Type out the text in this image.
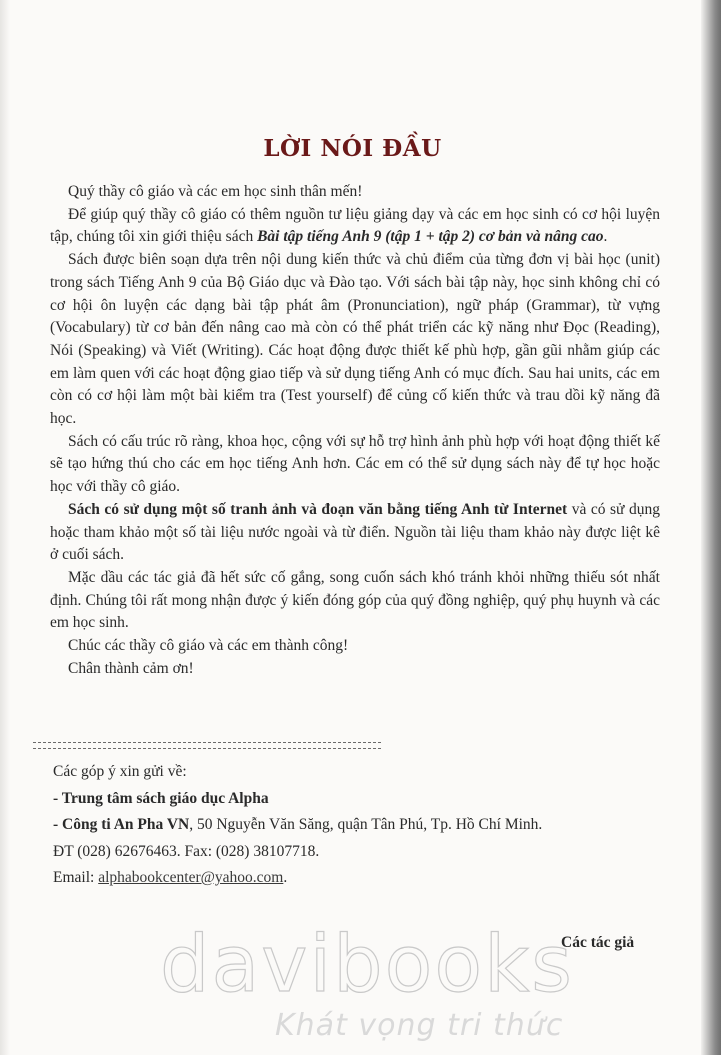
LỜI NÓI ĐẦU

Quý thầy cô giáo và các em học sinh thân mến!

Để giúp quý thầy cô giáo có thêm nguồn tư liệu giảng dạy và các em học sinh có cơ hội luyện tập, chúng tôi xin giới thiệu sách Bài tập tiếng Anh 9 (tập 1 + tập 2) cơ bản và nâng cao.

Sách được biên soạn dựa trên nội dung kiến thức và chủ điểm của từng đơn vị bài học (unit) trong sách Tiếng Anh 9 của Bộ Giáo dục và Đào tạo. Với sách bài tập này, học sinh không chỉ có cơ hội ôn luyện các dạng bài tập phát âm (Pronunciation), ngữ pháp (Grammar), từ vựng (Vocabulary) từ cơ bản đến nâng cao mà còn có thể phát triển các kỹ năng như Đọc (Reading), Nói (Speaking) và Viết (Writing). Các hoạt động được thiết kế phù hợp, gần gũi nhằm giúp các em làm quen với các hoạt động giao tiếp và sử dụng tiếng Anh có mục đích. Sau hai units, các em còn có cơ hội làm một bài kiểm tra (Test yourself) để củng cố kiến thức và trau dồi kỹ năng đã học.

Sách có cấu trúc rõ ràng, khoa học, cộng với sự hỗ trợ hình ảnh phù hợp với hoạt động thiết kế sẽ tạo hứng thú cho các em học tiếng Anh hơn. Các em có thể sử dụng sách này để tự học hoặc học với thầy cô giáo.

Sách có sử dụng một số tranh ảnh và đoạn văn bằng tiếng Anh từ Internet và có sử dụng hoặc tham khảo một số tài liệu nước ngoài và từ điển. Nguồn tài liệu tham khảo này được liệt kê ở cuối sách.

Mặc dầu các tác giả đã hết sức cố gắng, song cuốn sách khó tránh khỏi những thiếu sót nhất định. Chúng tôi rất mong nhận được ý kiến đóng góp của quý đồng nghiệp, quý phụ huynh và các em học sinh.

Chúc các thầy cô giáo và các em thành công!

Chân thành cảm ơn!

Các góp ý xin gửi về:
- Trung tâm sách giáo dục Alpha
- Công ti An Pha VN, 50 Nguyễn Văn Săng, quận Tân Phú, Tp. Hồ Chí Minh.
ĐT (028) 62676463. Fax: (028) 38107718.
Email: alphabookcenter@yahoo.com.
Các tác giả
davibooks
Khát vọng tri thức
